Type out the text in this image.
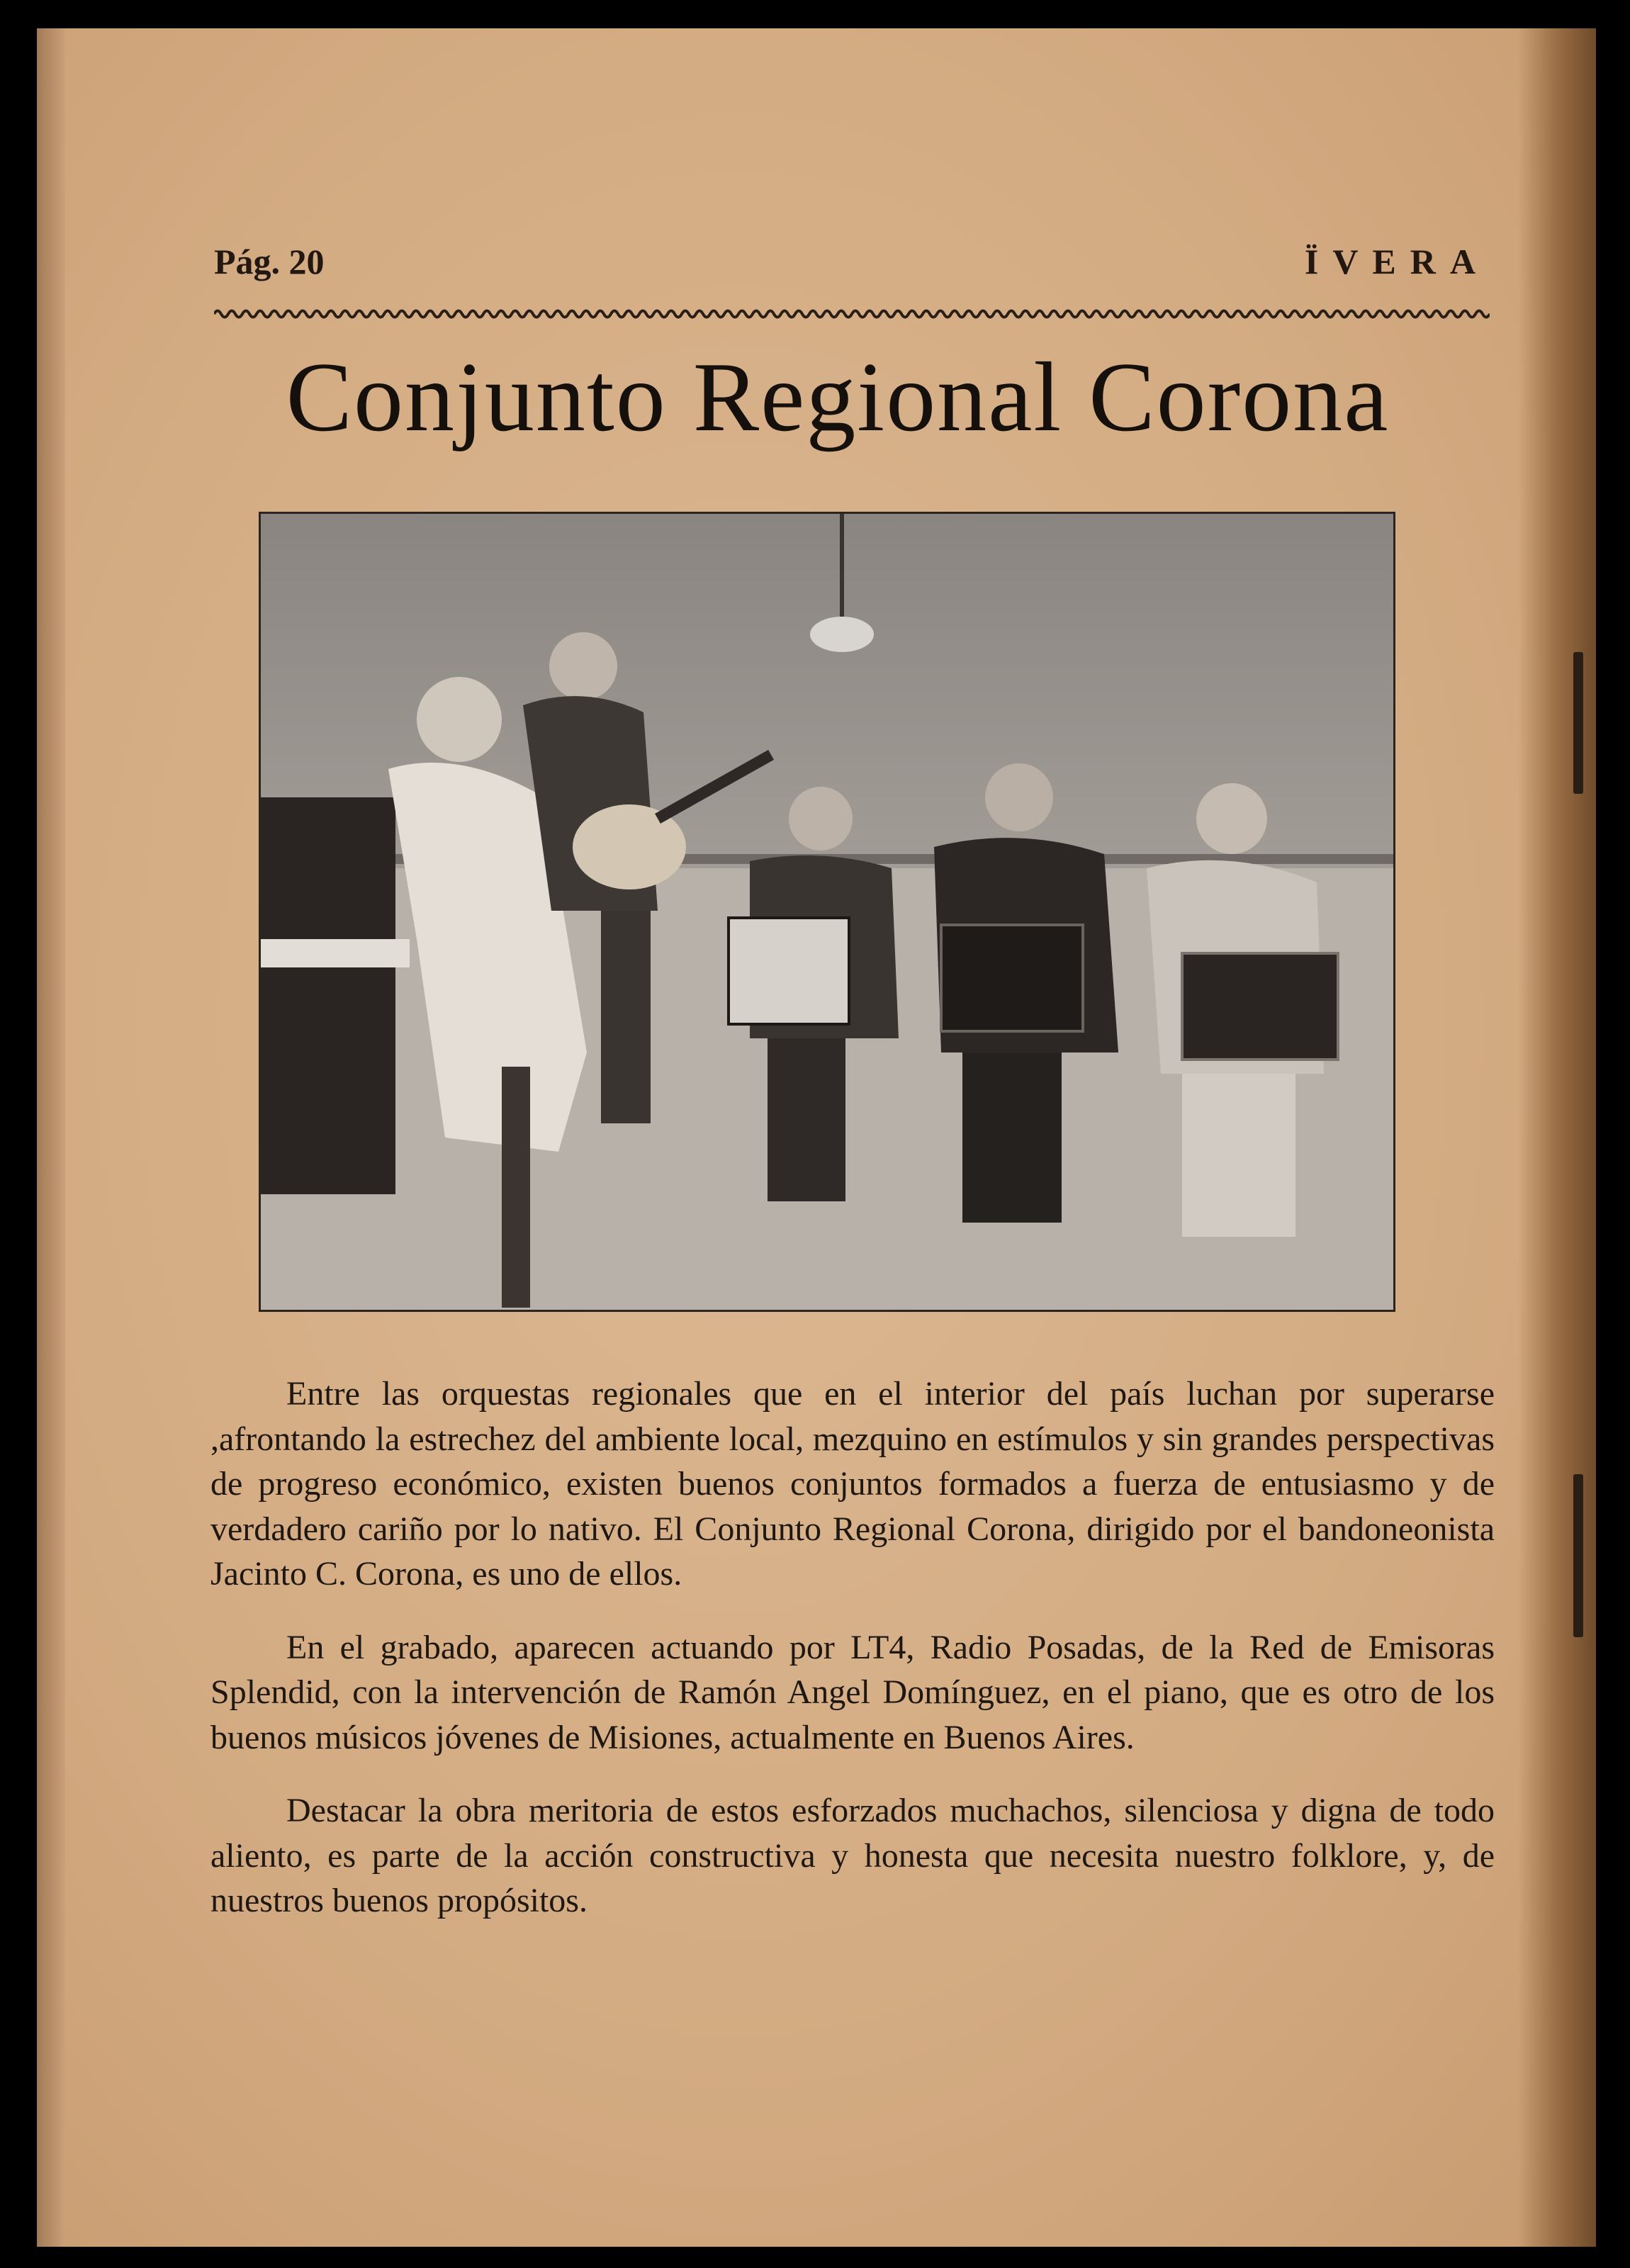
Pág. 20	ÏVERA
Conjunto Regional Corona

Entre las orquestas regionales que en el interior del país luchan por superarse ,afrontando la estrechez del ambiente local, mezquino en estímulos y sin grandes perspectivas de progreso económico, existen buenos conjuntos formados a fuerza de entusiasmo y de verdadero cariño por lo nativo. El Conjunto Regional Corona, dirigido por el bandoneonista Jacinto C. Corona, es uno de ellos.

En el grabado, aparecen actuando por LT4, Radio Posadas, de la Red de Emisoras Splendid, con la intervención de Ramón Angel Domínguez, en el piano, que es otro de los buenos músicos jóvenes de Misiones, actualmente en Buenos Aires.

Destacar la obra meritoria de estos esforzados muchachos, silenciosa y digna de todo aliento, es parte de la acción constructiva y honesta que necesita nuestro folklore, y, de nuestros buenos propósitos.
